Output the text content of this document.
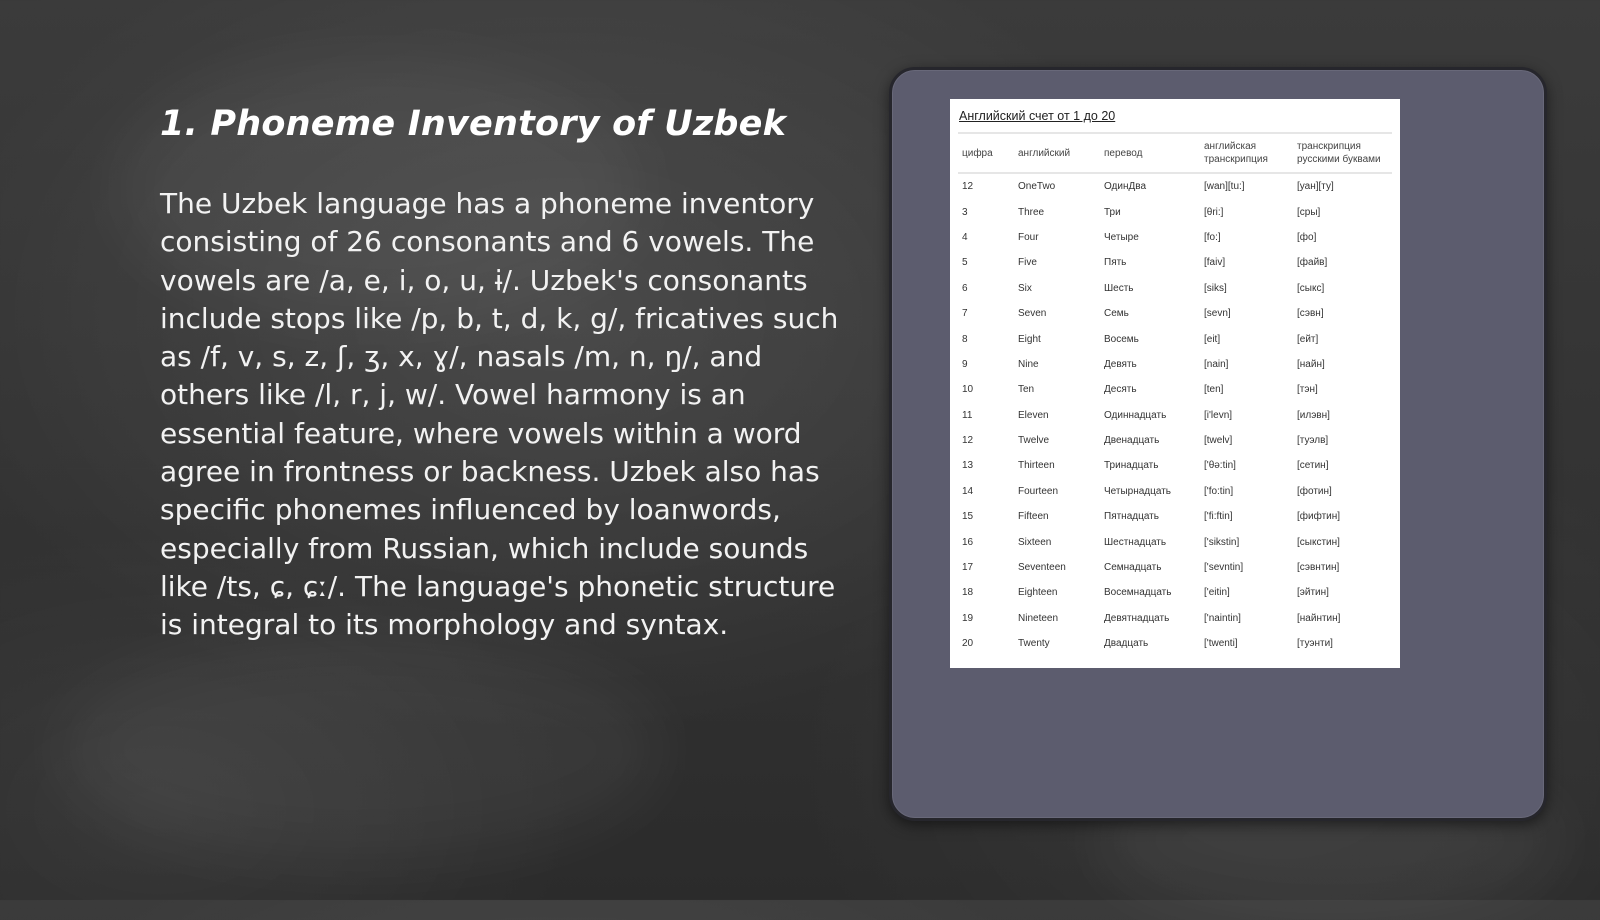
1. Phoneme Inventory of Uzbek

The Uzbek language has a phoneme inventory consisting of 26 consonants and 6 vowels. The vowels are /a, e, i, o, u, ɨ/. Uzbek's consonants include stops like /p, b, t, d, k, g/, fricatives such as /f, v, s, z, ʃ, ʒ, x, ɣ/, nasals /m, n, ŋ/, and others like /l, r, j, w/. Vowel harmony is an essential feature, where vowels within a word agree in frontness or backness. Uzbek also has specific phonemes influenced by loanwords, especially from Russian, which include sounds like /ts, ɕ, ɕː/. The language's phonetic structure is integral to its morphology and syntax.

Английский счет от 1 до 20
цифра	английский	перевод	английская транскрипция	транскрипция русскими буквами
12	OneTwo	ОдинДва	[wan][tu:]	[уан][ту]
3	Three	Три	[θri:]	[сры]
4	Four	Четыре	[fo:]	[фо]
5	Five	Пять	[faiv]	[файв]
6	Six	Шесть	[siks]	[сыкс]
7	Seven	Семь	[sevn]	[сэвн]
8	Eight	Восемь	[eit]	[ейт]
9	Nine	Девять	[nain]	[найн]
10	Ten	Десять	[ten]	[тэн]
11	Eleven	Одиннадцать	[i'levn]	[илэвн]
12	Twelve	Двенадцать	[twelv]	[туэлв]
13	Thirteen	Тринадцать	['θə:tin]	[сетин]
14	Fourteen	Четырнадцать	['fo:tin]	[фотин]
15	Fifteen	Пятнадцать	['fi:ftin]	[фифтин]
16	Sixteen	Шестнадцать	['sikstin]	[сыкстин]
17	Seventeen	Семнадцать	['sevntin]	[сэвнтин]
18	Eighteen	Восемнадцать	['eitin]	[эйтин]
19	Nineteen	Девятнадцать	['naintin]	[найнтин]
20	Twenty	Двадцать	['twenti]	[туэнти]
